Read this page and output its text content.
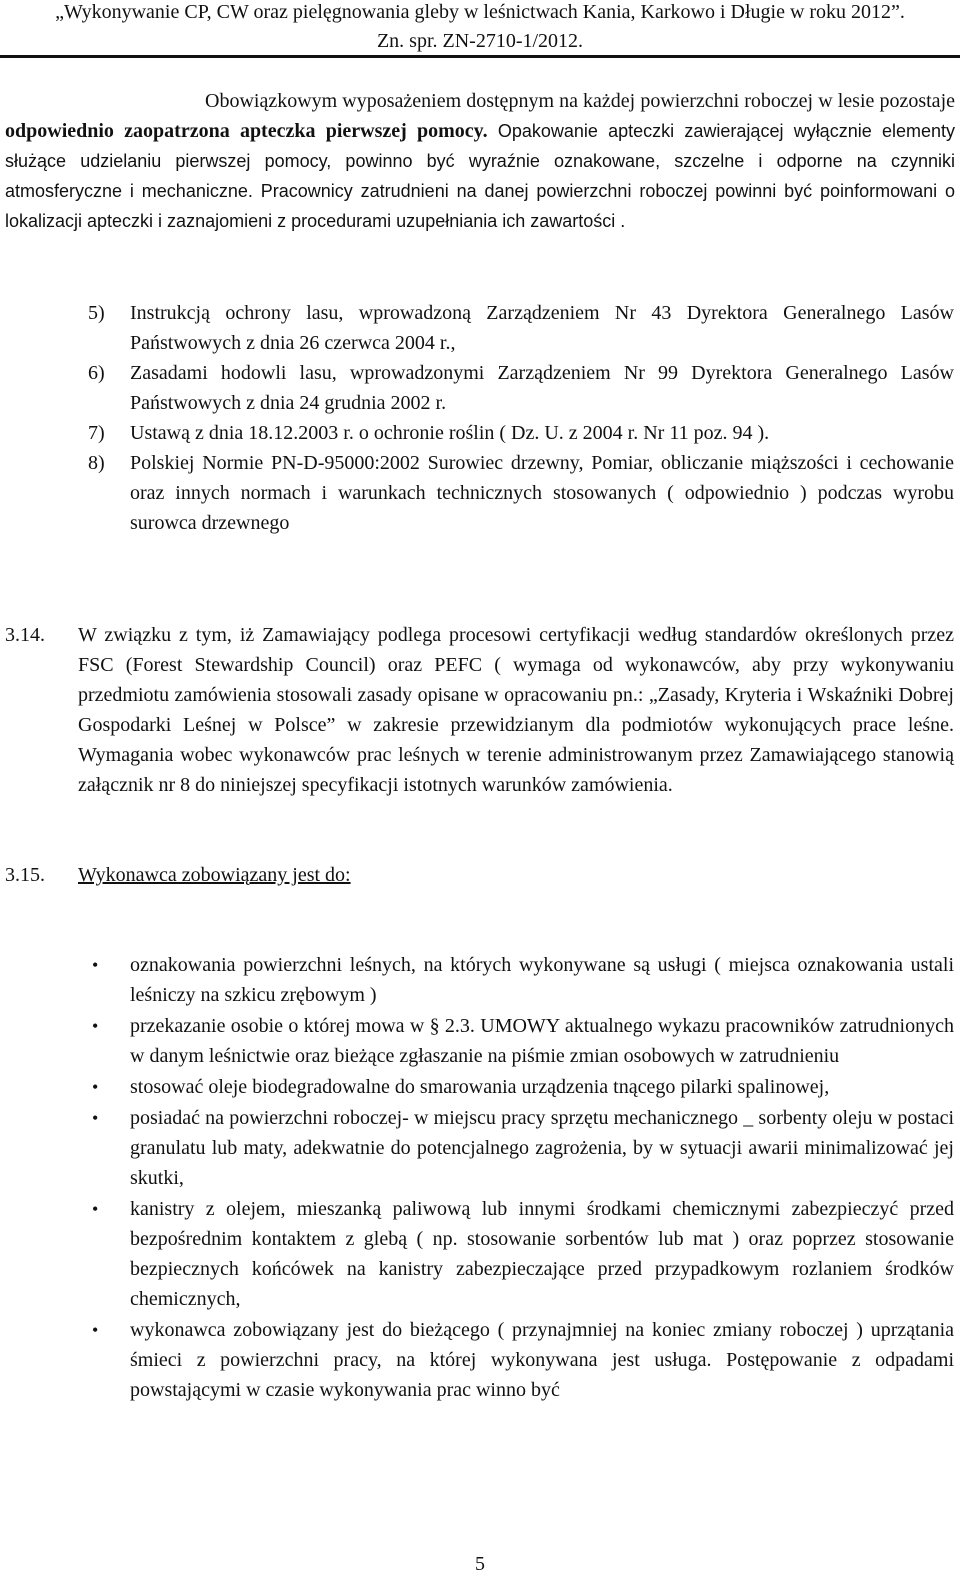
„Wykonywanie CP, CW oraz pielęgnowania gleby w leśnictwach Kania, Karkowo i Długie w roku 2012”.
Zn. spr. ZN-2710-1/2012.
Obowiązkowym wyposażeniem dostępnym na każdej powierzchni roboczej w lesie pozostaje odpowiednio zaopatrzona apteczka pierwszej pomocy. Opakowanie apteczki zawierającej wyłącznie elementy służące udzielaniu pierwszej pomocy, powinno być wyraźnie oznakowane, szczelne i odporne na czynniki atmosferyczne i mechaniczne. Pracownicy zatrudnieni na danej powierzchni roboczej powinni być poinformowani o lokalizacji apteczki i zaznajomieni z procedurami uzupełniania ich zawartości .
5) Instrukcją ochrony lasu, wprowadzoną Zarządzeniem Nr 43 Dyrektora Generalnego Lasów Państwowych z dnia 26 czerwca 2004 r.,
6) Zasadami hodowli lasu, wprowadzonymi Zarządzeniem Nr 99 Dyrektora Generalnego Lasów Państwowych z dnia 24 grudnia 2002 r.
7) Ustawą z dnia 18.12.2003 r. o ochronie roślin ( Dz. U. z 2004 r. Nr 11 poz. 94 ).
8) Polskiej Normie PN-D-95000:2002 Surowiec drzewny, Pomiar, obliczanie miąższości i cechowanie oraz innych normach i warunkach technicznych stosowanych ( odpowiednio ) podczas wyrobu surowca drzewnego
3.14. W związku z tym, iż Zamawiający podlega procesowi certyfikacji według standardów określonych przez FSC (Forest Stewardship Council) oraz PEFC ( wymaga od wykonawców, aby przy wykonywaniu przedmiotu zamówienia stosowali zasady opisane w opracowaniu pn.: „Zasady, Kryteria i Wskaźniki Dobrej Gospodarki Leśnej w Polsce” w zakresie przewidzianym dla podmiotów wykonujących prace leśne. Wymagania wobec wykonawców prac leśnych w terenie administrowanym przez Zamawiającego stanowią załącznik nr 8 do niniejszej specyfikacji istotnych warunków zamówienia.
3.15. Wykonawca zobowiązany jest do:
• oznakowania powierzchni leśnych, na których wykonywane są usługi ( miejsca oznakowania ustali leśniczy na szkicu zrębowym )
• przekazanie osobie o której mowa w § 2.3. UMOWY aktualnego wykazu pracowników zatrudnionych w danym leśnictwie oraz bieżące zgłaszanie na piśmie zmian osobowych w zatrudnieniu
• stosować oleje biodegradowalne do smarowania urządzenia tnącego pilarki spalinowej,
• posiadać na powierzchni roboczej- w miejscu pracy sprzętu mechanicznego _ sorbenty oleju w postaci granulatu lub maty, adekwatnie do potencjalnego zagrożenia, by w sytuacji awarii minimalizować jej skutki,
• kanistry z olejem, mieszanką paliwową lub innymi środkami chemicznymi zabezpieczyć przed bezpośrednim kontaktem z glebą ( np. stosowanie sorbentów lub mat ) oraz poprzez stosowanie bezpiecznych końcówek na kanistry zabezpieczające przed przypadkowym rozlaniem środków chemicznych,
• wykonawca zobowiązany jest do bieżącego ( przynajmniej na koniec zmiany roboczej ) uprzątania śmieci z powierzchni pracy, na której wykonywana jest usługa. Postępowanie z odpadami powstającymi w czasie wykonywania prac winno być
5
